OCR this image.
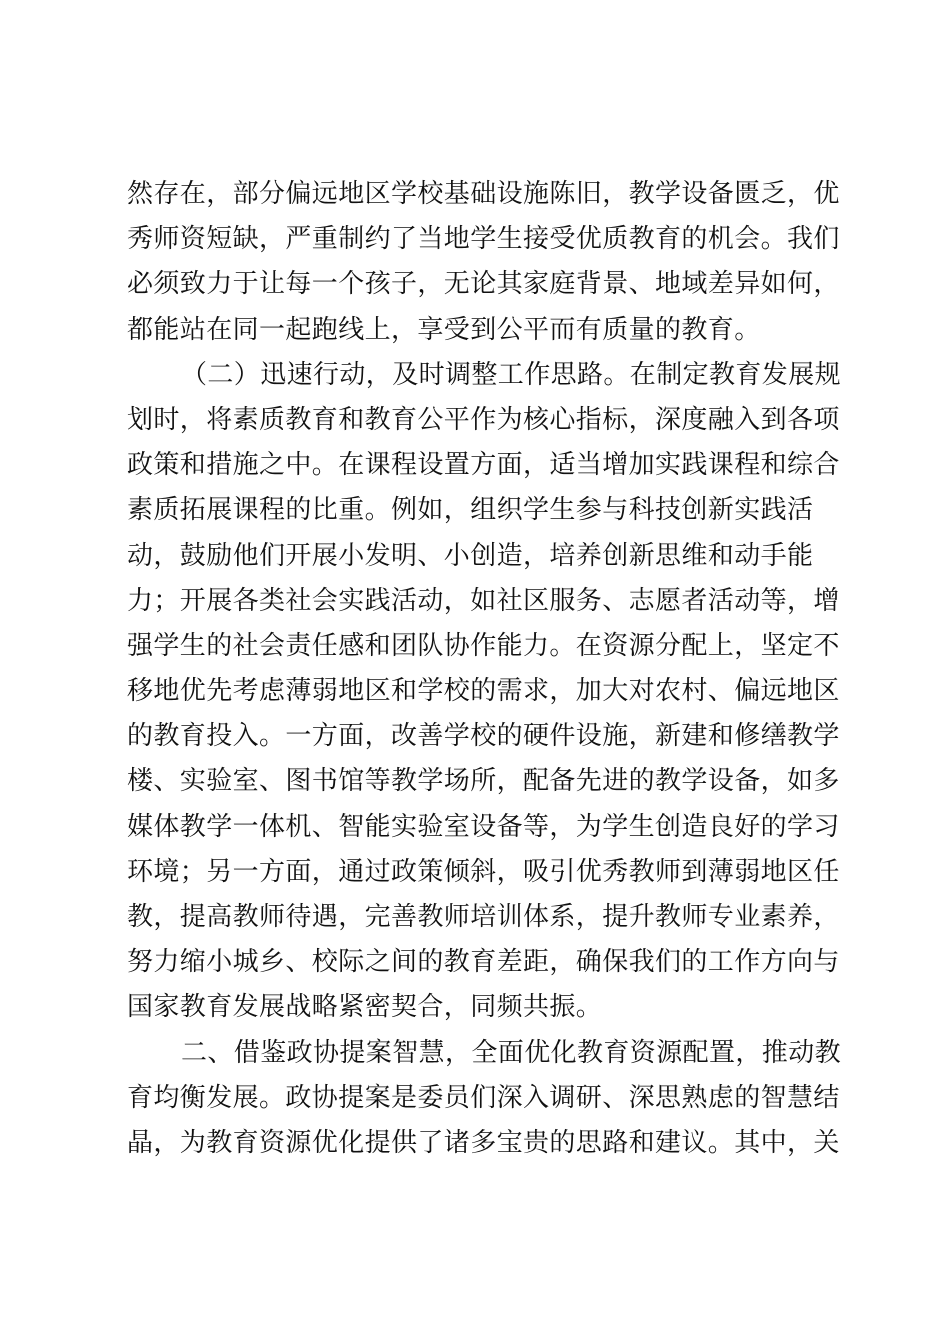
然存在，部分偏远地区学校基础设施陈旧，教学设备匮乏，优
秀师资短缺，严重制约了当地学生接受优质教育的机会。我们
必须致力于让每一个孩子，无论其家庭背景、地域差异如何，
都能站在同一起跑线上，享受到公平而有质量的教育。
（二）迅速行动，及时调整工作思路。在制定教育发展规
划时，将素质教育和教育公平作为核心指标，深度融入到各项
政策和措施之中。在课程设置方面，适当增加实践课程和综合
素质拓展课程的比重。例如，组织学生参与科技创新实践活
动，鼓励他们开展小发明、小创造，培养创新思维和动手能
力；开展各类社会实践活动，如社区服务、志愿者活动等，增
强学生的社会责任感和团队协作能力。在资源分配上，坚定不
移地优先考虑薄弱地区和学校的需求，加大对农村、偏远地区
的教育投入。一方面，改善学校的硬件设施，新建和修缮教学
楼、实验室、图书馆等教学场所，配备先进的教学设备，如多
媒体教学一体机、智能实验室设备等，为学生创造良好的学习
环境；另一方面，通过政策倾斜，吸引优秀教师到薄弱地区任
教，提高教师待遇，完善教师培训体系，提升教师专业素养，
努力缩小城乡、校际之间的教育差距，确保我们的工作方向与
国家教育发展战略紧密契合，同频共振。
二、借鉴政协提案智慧，全面优化教育资源配置，推动教
育均衡发展。政协提案是委员们深入调研、深思熟虑的智慧结
晶，为教育资源优化提供了诸多宝贵的思路和建议。其中，关
